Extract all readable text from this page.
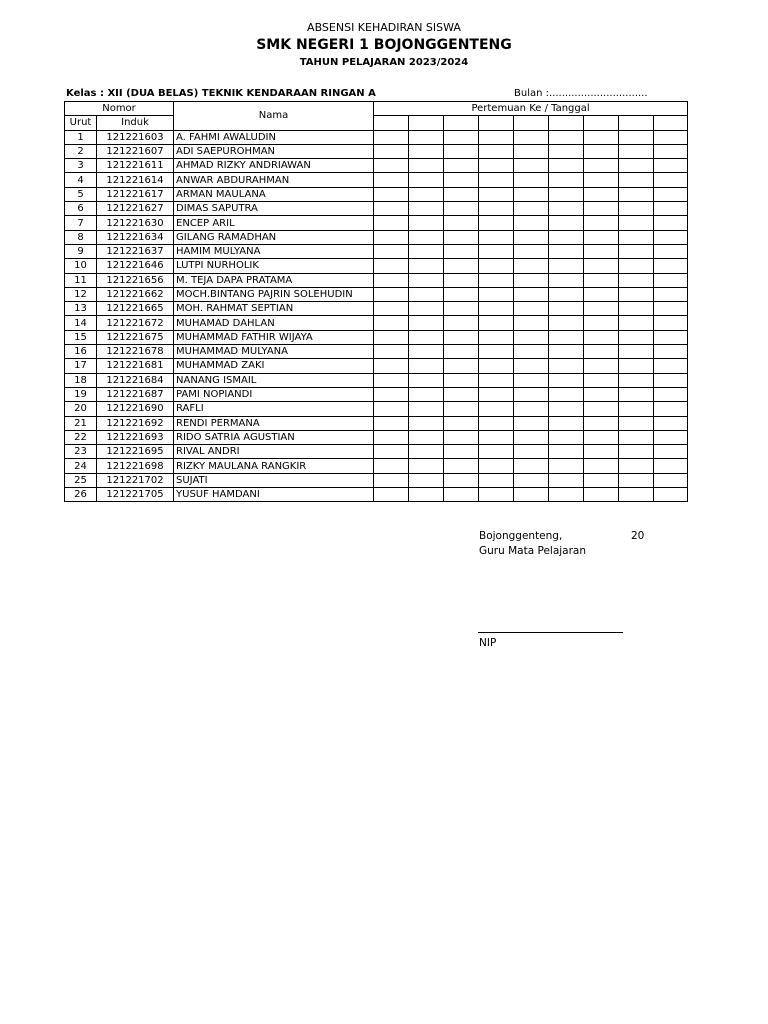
ABSENSI KEHADIRAN SISWA
SMK NEGERI 1 BOJONGGENTENG
TAHUN PELAJARAN 2023/2024
Kelas : XII (DUA BELAS) TEKNIK KENDARAAN RINGAN A	Bulan :...............................
Nomor		Nama	Pertemuan Ke / Tanggal								
Urut	Induk										
1	121221603	A. FAHMI AWALUDIN									
2	121221607	ADI SAEPUROHMAN									
3	121221611	AHMAD RIZKY ANDRIAWAN									
4	121221614	ANWAR ABDURAHMAN									
5	121221617	ARMAN MAULANA									
6	121221627	DIMAS SAPUTRA									
7	121221630	ENCEP ARIL									
8	121221634	GILANG RAMADHAN									
9	121221637	HAMIM MULYANA									
10	121221646	LUTPI NURHOLIK									
11	121221656	M. TEJA DAPA PRATAMA									
12	121221662	MOCH.BINTANG PAJRIN SOLEHUDIN									
13	121221665	MOH. RAHMAT SEPTIAN									
14	121221672	MUHAMAD DAHLAN									
15	121221675	MUHAMMAD FATHIR WIJAYA									
16	121221678	MUHAMMAD MULYANA									
17	121221681	MUHAMMAD ZAKI									
18	121221684	NANANG ISMAIL									
19	121221687	PAMI NOPIANDI									
20	121221690	RAFLI									
21	121221692	RENDI PERMANA									
22	121221693	RIDO SATRIA AGUSTIAN									
23	121221695	RIVAL ANDRI									
24	121221698	RIZKY MAULANA RANGKIR									
25	121221702	SUJATI									
26	121221705	YUSUF HAMDANI									
Bojonggenteng,	20
Guru Mata Pelajaran
NIP
